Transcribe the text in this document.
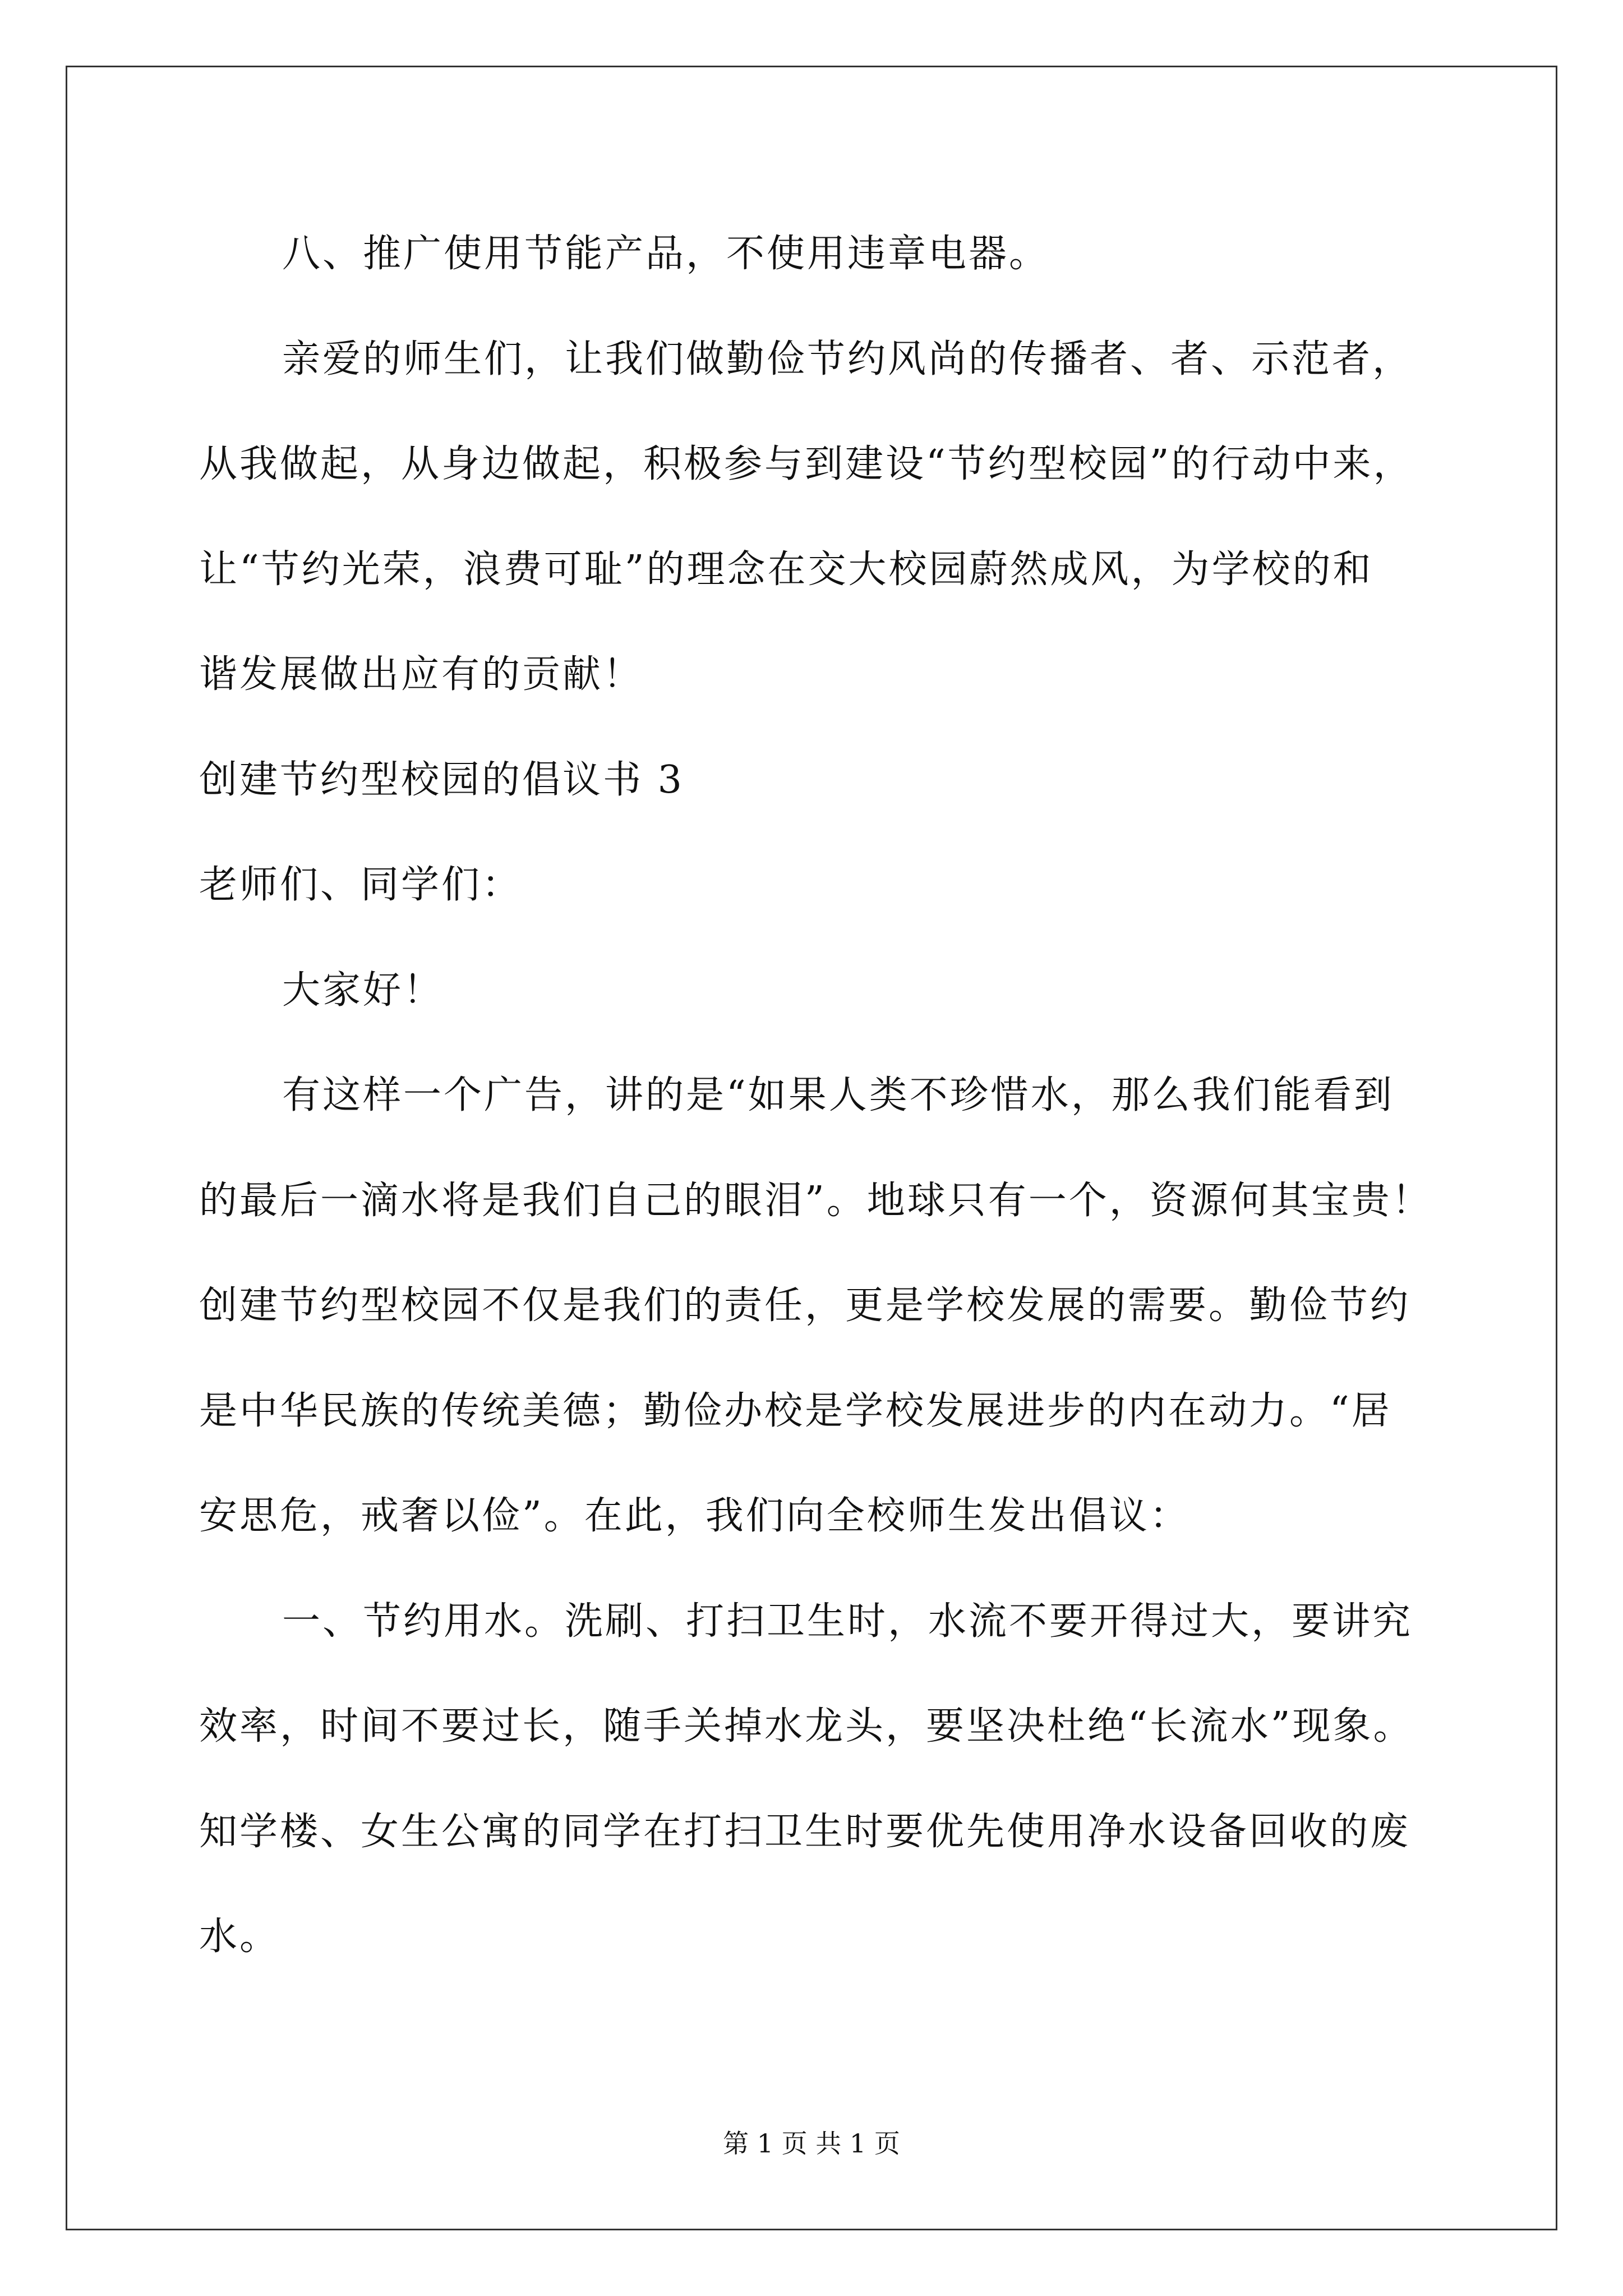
八、推广使用节能产品，不使用违章电器。
亲爱的师生们，让我们做勤俭节约风尚的传播者、者、示范者，
从我做起，从身边做起，积极参与到建设“节约型校园”的行动中来，
让“节约光荣，浪费可耻”的理念在交大校园蔚然成风，为学校的和
谐发展做出应有的贡献！
创建节约型校园的倡议书 3
老师们、同学们：
大家好！
有这样一个广告，讲的是“如果人类不珍惜水，那么我们能看到
的最后一滴水将是我们自己的眼泪”。地球只有一个，资源何其宝贵！
创建节约型校园不仅是我们的责任，更是学校发展的需要。勤俭节约
是中华民族的传统美德；勤俭办校是学校发展进步的内在动力。“居
安思危，戒奢以俭”。在此，我们向全校师生发出倡议：
一、节约用水。洗刷、打扫卫生时，水流不要开得过大，要讲究
效率，时间不要过长，随手关掉水龙头，要坚决杜绝“长流水”现象。
知学楼、女生公寓的同学在打扫卫生时要优先使用净水设备回收的废
水。
第 1 页 共 1 页
